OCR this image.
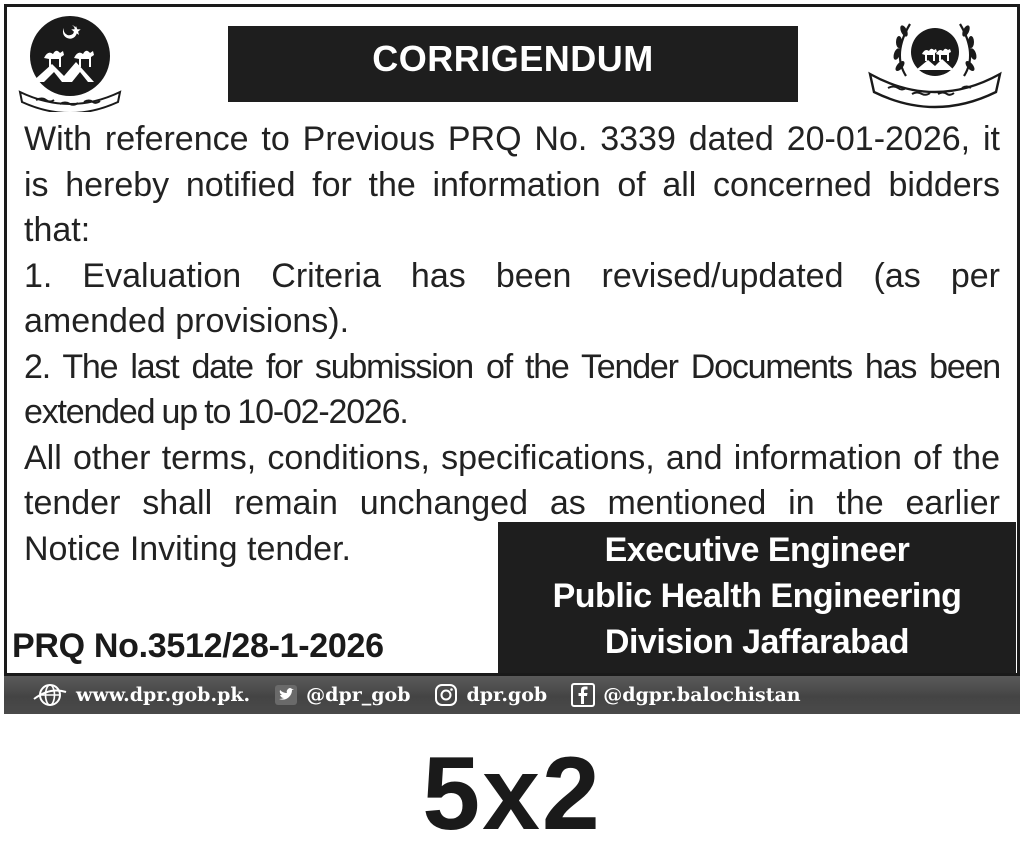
CORRIGENDUM

With reference to Previous PRQ No. 3339 dated 20-01-2026, it is hereby notified for the information of all concerned bidders that:

1. Evaluation Criteria has been revised/updated (as per amended provisions).

2. The last date for submission of the Tender Documents has been extended up to 10-02-2026.

All other terms, conditions, specifications, and information of the tender shall remain unchanged as mentioned in the earlier Notice Inviting tender.	Executive Engineer
Public Health Engineering
Division Jaffarabad
PRQ No.3512/28-1-2026
www.dpr.gob.pk.	@dpr_gob	dpr.gob	@dgpr.balochistan
5x2
